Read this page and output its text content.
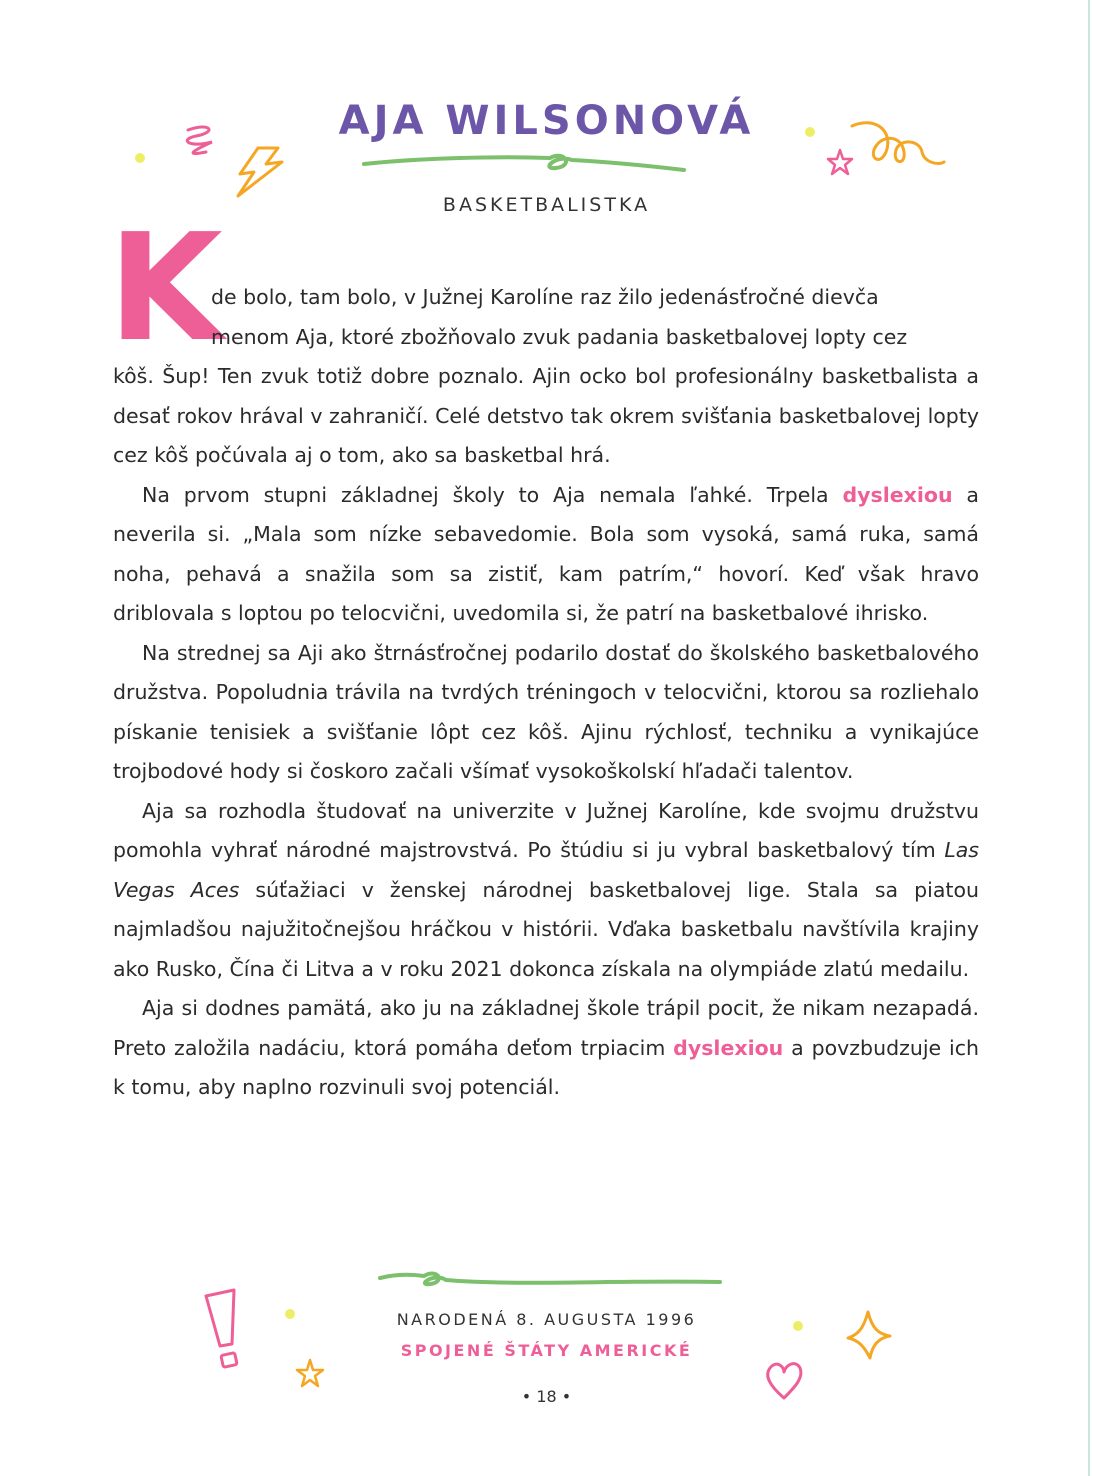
AJA WILSONOVÁ

BASKETBALISTKA

K

de bolo, tam bolo, v Južnej Karolíne raz žilo jedenásťročné dievča
menom Aja, ktoré zbožňovalo zvuk padania basketbalovej lopty cez
kôš. Šup! Ten zvuk totiž dobre poznalo. Ajin ocko bol profesionálny basketbalista a desať rokov hrával v zahraničí. Celé detstvo tak okrem svišťania basketbalovej lopty cez kôš počúvala aj o tom, ako sa basketbal hrá.

Na prvom stupni základnej školy to Aja nemala ľahké. Trpela dyslexiou a neverila si. „Mala som nízke sebavedomie. Bola som vysoká, samá ruka, samá noha, pehavá a snažila som sa zistiť, kam patrím,“ hovorí. Keď však hravo driblovala s loptou po telocvični, uvedomila si, že patrí na basketbalové ihrisko.

Na strednej sa Aji ako štrnásťročnej podarilo dostať do školského basketbalového družstva. Popoludnia trávila na tvrdých tréningoch v telocvični, ktorou sa rozliehalo pískanie tenisiek a svišťanie lôpt cez kôš. Ajinu rýchlosť, techniku a vynikajúce trojbodové hody si čoskoro začali všímať vysokoškolskí hľadači talentov.

Aja sa rozhodla študovať na univerzite v Južnej Karolíne, kde svojmu družstvu pomohla vyhrať národné majstrovstvá. Po štúdiu si ju vybral basketbalový tím Las Vegas Aces súťažiaci v ženskej národnej basketbalovej lige. Stala sa piatou najmladšou najužitočnejšou hráčkou v histórii. Vďaka basketbalu navštívila krajiny ako Rusko, Čína či Litva a v roku 2021 dokonca získala na olympiáde zlatú medailu.

Aja si dodnes pamätá, ako ju na základnej škole trápil pocit, že nikam nezapadá. Preto založila nadáciu, ktorá pomáha deťom trpiacim dyslexiou a povzbudzuje ich k tomu, aby naplno rozvinuli svoj potenciál.

NARODENÁ 8. AUGUSTA 1996

SPOJENÉ ŠTÁTY AMERICKÉ

• 18 •
